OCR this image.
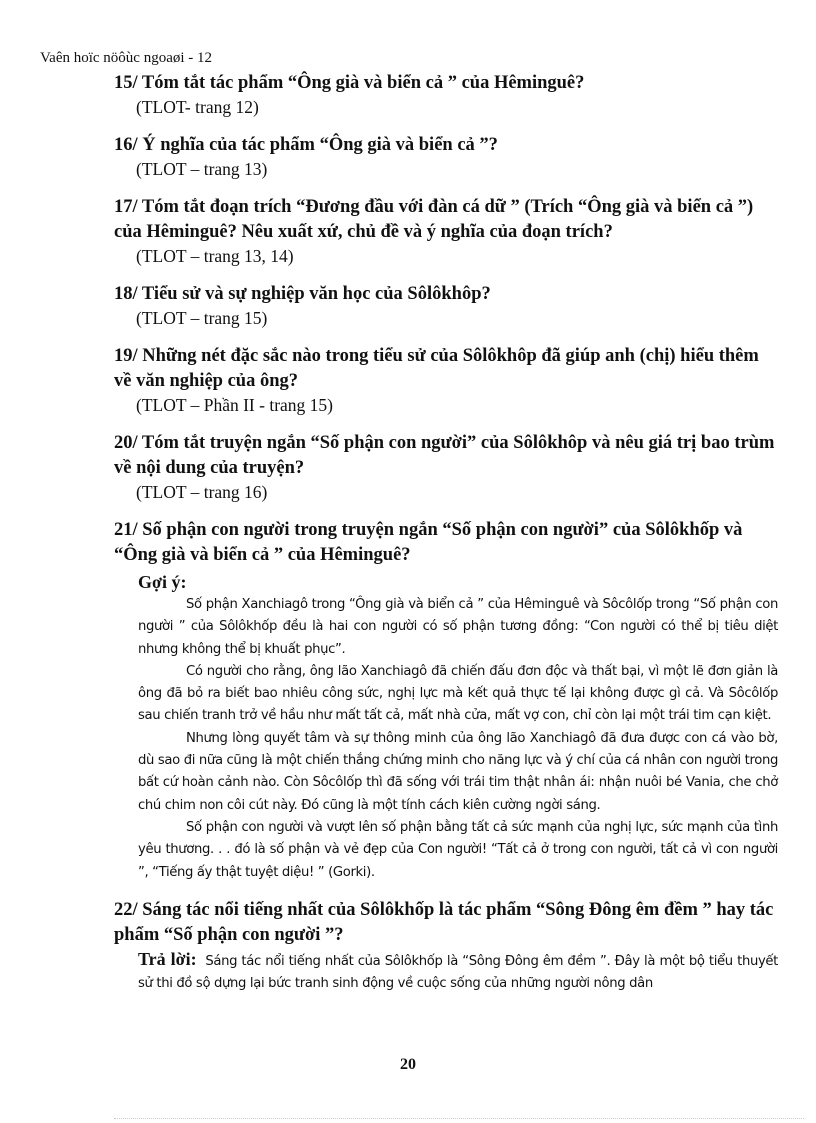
Vaên hoïc nöôùc ngoaøi - 12

15/ Tóm tắt tác phẩm “Ông già và biển cả ” của Hêminguê?

(TLOT- trang 12)

16/ Ý nghĩa của tác phẩm “Ông già và biển cả ”?

(TLOT – trang 13)

17/ Tóm tắt đoạn trích “Đương đầu với đàn cá dữ ” (Trích “Ông già và biển cả ”) của Hêminguê? Nêu xuất xứ, chủ đề và ý nghĩa của đoạn trích?

(TLOT – trang 13, 14)

18/ Tiểu sử và sự nghiệp văn học của Sôlôkhôp?

(TLOT – trang 15)

19/ Những nét đặc sắc nào trong tiểu sử của Sôlôkhôp đã giúp anh (chị) hiểu thêm về văn nghiệp của ông?

(TLOT – Phần II - trang 15)

20/ Tóm tắt truyện ngắn “Số phận con người” của Sôlôkhôp và nêu giá trị bao trùm về nội dung của truyện?

(TLOT – trang 16)

21/ Số phận con người trong truyện ngắn “Số phận con người” của Sôlôkhốp và “Ông già và biển cả ” của Hêminguê?

Gợi ý:

Số phận Xanchiagô trong “Ông già và biển cả ” của Hêminguê và Sôcôlốp trong “Số phận con người ” của Sôlôkhốp đều là hai con người có số phận tương đồng: “Con người có thể bị tiêu diệt nhưng không thể bị khuất phục”.

Có người cho rằng, ông lão Xanchiagô đã chiến đấu đơn độc và thất bại, vì một lẽ đơn giản là ông đã bỏ ra biết bao nhiêu công sức, nghị lực mà kết quả thực tế lại không được gì cả. Và Sôcôlốp sau chiến tranh trở về hầu như mất tất cả, mất nhà cửa, mất vợ con, chỉ còn lại một trái tim cạn kiệt.

Nhưng lòng quyết tâm và sự thông minh của ông lão Xanchiagô đã đưa được con cá vào bờ, dù sao đi nữa cũng là một chiến thắng chứng minh cho năng lực và ý chí của cá nhân con người trong bất cứ hoàn cảnh nào. Còn Sôcôlốp thì đã sống với trái tim thật nhân ái: nhận nuôi bé Vania, che chở chú chim non côi cút này. Đó cũng là một tính cách kiên cường ngời sáng.

Số phận con người và vượt lên số phận bằng tất cả sức mạnh của nghị lực, sức mạnh của tình yêu thương. . . đó là số phận và vẻ đẹp của Con người! “Tất cả ở trong con người, tất cả vì con người ”, “Tiếng ấy thật tuyệt diệu! ” (Gorki).

22/ Sáng tác nổi tiếng nhất của Sôlôkhốp là tác phẩm “Sông Đông êm đềm ” hay tác phẩm “Số phận con người ”?

Trả lời: Sáng tác nổi tiếng nhất của Sôlôkhốp là “Sông Đông êm đềm ”. Đây là một bộ tiểu thuyết sử thi đồ sộ dựng lại bức tranh sinh động về cuộc sống của những người nông dân

20
